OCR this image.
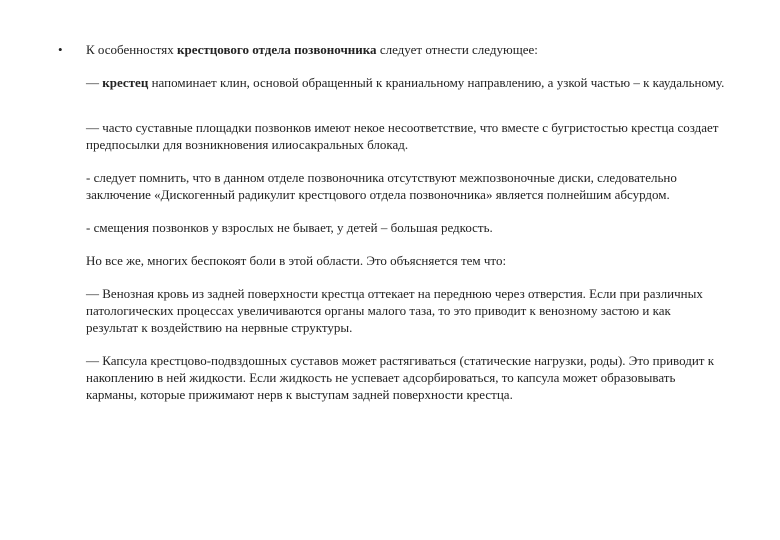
• К особенностях крестцового отдела позвоночника следует отнести следующее:

— крестец напоминает клин, основой обращенный к краниальному направлению, а узкой частью – к каудальному.

— часто суставные площадки позвонков имеют некое несоответствие, что вместе с бугристостью крестца создает предпосылки для возникновения илиосакральных блокад.

- следует помнить, что в данном отделе позвоночника отсутствуют межпозвоночные диски, следовательно заключение «Дискогенный радикулит крестцового отдела позвоночника» является полнейшим абсурдом.

- смещения позвонков у взрослых не бывает, у детей – большая редкость.

Но все же, многих беспокоят боли в этой области. Это объясняется тем что:

— Венозная кровь из задней поверхности крестца оттекает на переднюю через отверстия. Если при различных патологических процессах увеличиваются органы малого таза, то это приводит к венозному застою и как результат к воздействию на нервные структуры.

— Капсула крестцово-подвздошных суставов может растягиваться (статические нагрузки, роды). Это приводит к накоплению в ней жидкости. Если жидкость не успевает адсорбироваться, то капсула может образовывать карманы, которые прижимают нерв к выступам задней поверхности крестца.
